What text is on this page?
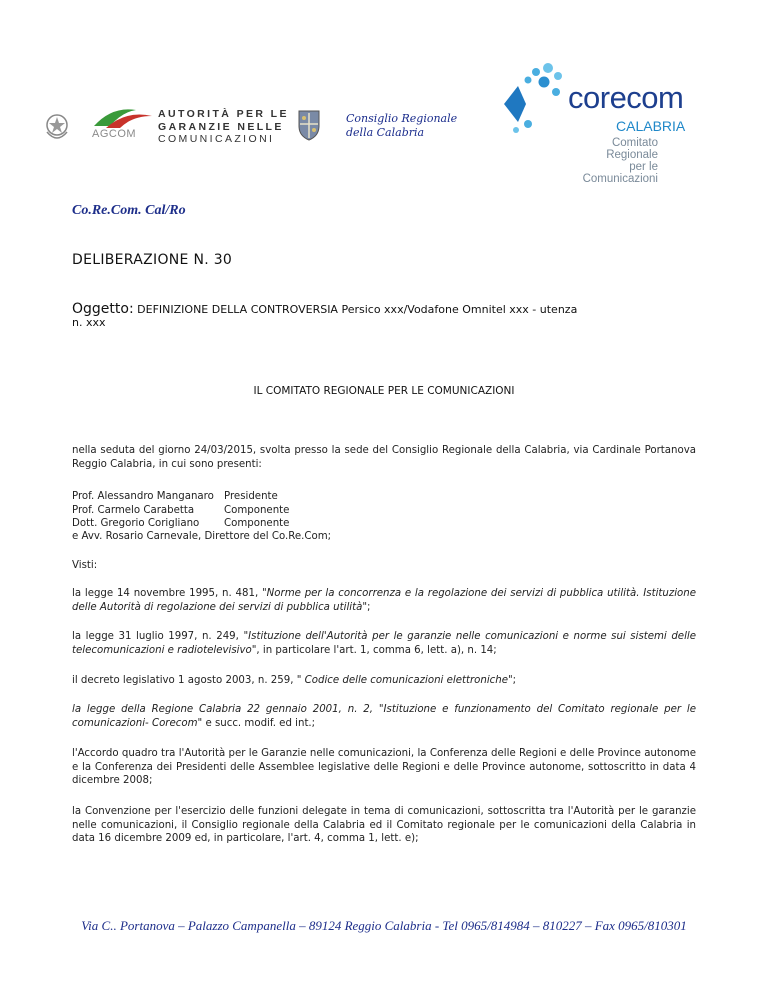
AGCOM
AUTORITÀ PER LE
GARANZIE NELLE
COMUNICAZIONI
Consiglio Regionale
della Calabria
corecom
CALABRIA
Comitato Regionale
per le Comunicazioni
Co.Re.Com. Cal/Ro
DELIBERAZIONE N. 30
Oggetto: DEFINIZIONE DELLA CONTROVERSIA Persico xxx/Vodafone Omnitel xxx - utenza
n. xxx
IL COMITATO REGIONALE PER LE COMUNICAZIONI
nella seduta del giorno 24/03/2015, svolta presso la sede del Consiglio Regionale della Calabria, via Cardinale Portanova Reggio Calabria, in cui sono presenti:
Prof. Alessandro Manganaro Presidente
Prof. Carmelo Carabetta	Componente
Dott. Gregorio Corigliano	Componente
e Avv. Rosario Carnevale, Direttore del Co.Re.Com;
Visti:
la legge 14 novembre 1995, n. 481, "Norme per la concorrenza e la regolazione dei servizi di pubblica utilità. Istituzione delle Autorità di regolazione dei servizi di pubblica utilità";
la legge 31 luglio 1997, n. 249, "Istituzione dell'Autorità per le garanzie nelle comunicazioni e norme sui sistemi delle telecomunicazioni e radiotelevisivo", in particolare l'art. 1, comma 6, lett. a), n. 14;
il decreto legislativo 1 agosto 2003, n. 259, " Codice delle comunicazioni elettroniche";
la legge della Regione Calabria 22 gennaio 2001, n. 2, "Istituzione e funzionamento del Comitato regionale per le comunicazioni- Corecom" e succ. modif. ed int.;
l'Accordo quadro tra l'Autorità per le Garanzie nelle comunicazioni, la Conferenza delle Regioni e delle Province autonome e la Conferenza dei Presidenti delle Assemblee legislative delle Regioni e delle Province autonome, sottoscritto in data 4 dicembre 2008;
la Convenzione per l'esercizio delle funzioni delegate in tema di comunicazioni, sottoscritta tra l'Autorità per le garanzie nelle comunicazioni, il Consiglio regionale della Calabria ed il Comitato regionale per le comunicazioni della Calabria in data 16 dicembre 2009 ed, in particolare, l'art. 4, comma 1, lett. e);
Via C.. Portanova – Palazzo Campanella – 89124 Reggio Calabria - Tel 0965/814984 – 810227 – Fax 0965/810301
